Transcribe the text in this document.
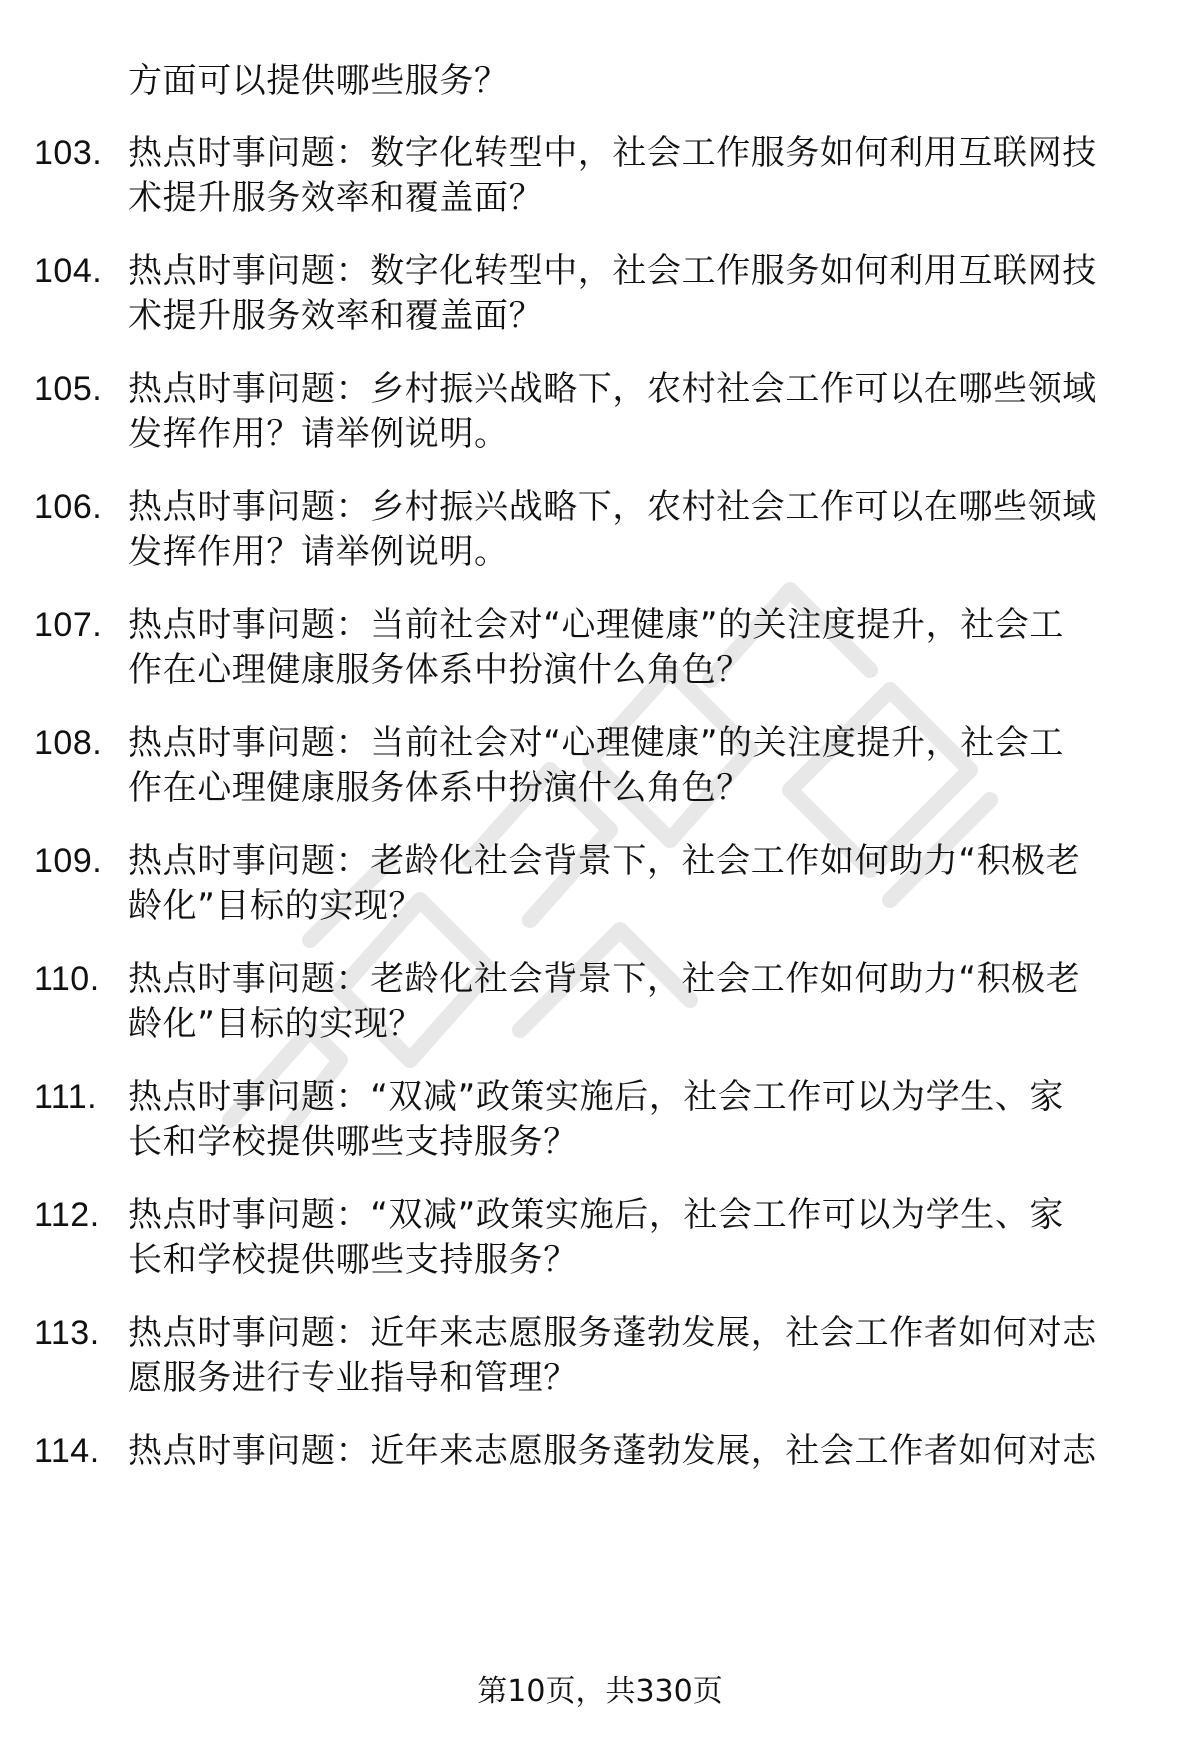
方面可以提供哪些服务？
103. 热点时事问题：数字化转型中，社会工作服务如何利用互联网技
术提升服务效率和覆盖面？
104. 热点时事问题：数字化转型中，社会工作服务如何利用互联网技
术提升服务效率和覆盖面？
105. 热点时事问题：乡村振兴战略下，农村社会工作可以在哪些领域
发挥作用？请举例说明。
106. 热点时事问题：乡村振兴战略下，农村社会工作可以在哪些领域
发挥作用？请举例说明。
107. 热点时事问题：当前社会对“心理健康”的关注度提升，社会工
作在心理健康服务体系中扮演什么角色？
108. 热点时事问题：当前社会对“心理健康”的关注度提升，社会工
作在心理健康服务体系中扮演什么角色？
109. 热点时事问题：老龄化社会背景下，社会工作如何助力“积极老
龄化”目标的实现？
110. 热点时事问题：老龄化社会背景下，社会工作如何助力“积极老
龄化”目标的实现？
111. 热点时事问题：“双减”政策实施后，社会工作可以为学生、家
长和学校提供哪些支持服务？
112. 热点时事问题：“双减”政策实施后，社会工作可以为学生、家
长和学校提供哪些支持服务？
113. 热点时事问题：近年来志愿服务蓬勃发展，社会工作者如何对志
愿服务进行专业指导和管理？
114. 热点时事问题：近年来志愿服务蓬勃发展，社会工作者如何对志
第10页，共330页
